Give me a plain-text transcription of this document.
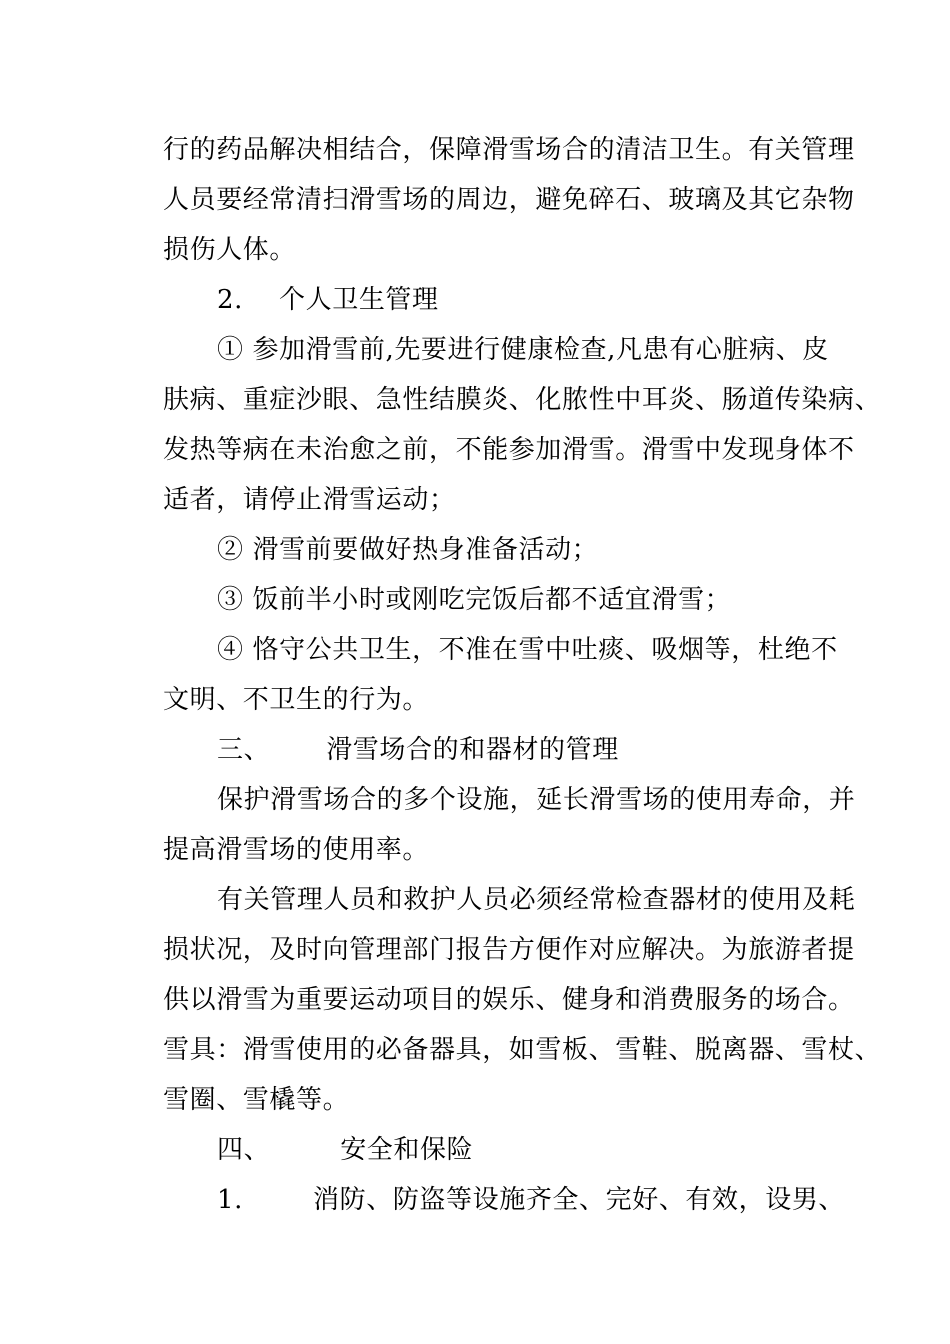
行的药品解决相结合，保障滑雪场合的清洁卫生。有关管理
人员要经常清扫滑雪场的周边，避免碎石、玻璃及其它杂物
损伤人体。
2. 个人卫生管理
① 参加滑雪前,先要进行健康检查,凡患有心脏病、皮
肤病、重症沙眼、急性结膜炎、化脓性中耳炎、肠道传染病、
发热等病在未治愈之前，不能参加滑雪。滑雪中发现身体不
适者，请停止滑雪运动；
② 滑雪前要做好热身准备活动；
③ 饭前半小时或刚吃完饭后都不适宜滑雪；
④ 恪守公共卫生，不准在雪中吐痰、吸烟等，杜绝不
文明、不卫生的行为。
三、 滑雪场合的和器材的管理
保护滑雪场合的多个设施，延长滑雪场的使用寿命，并
提高滑雪场的使用率。
有关管理人员和救护人员必须经常检查器材的使用及耗
损状况，及时向管理部门报告方便作对应解决。为旅游者提
供以滑雪为重要运动项目的娱乐、健身和消费服务的场合。
雪具：滑雪使用的必备器具，如雪板、雪鞋、脱离器、雪杖、
雪圈、雪橇等。
四、	安全和保险
1.	消防、防盗等设施齐全、完好、有效，设男、
